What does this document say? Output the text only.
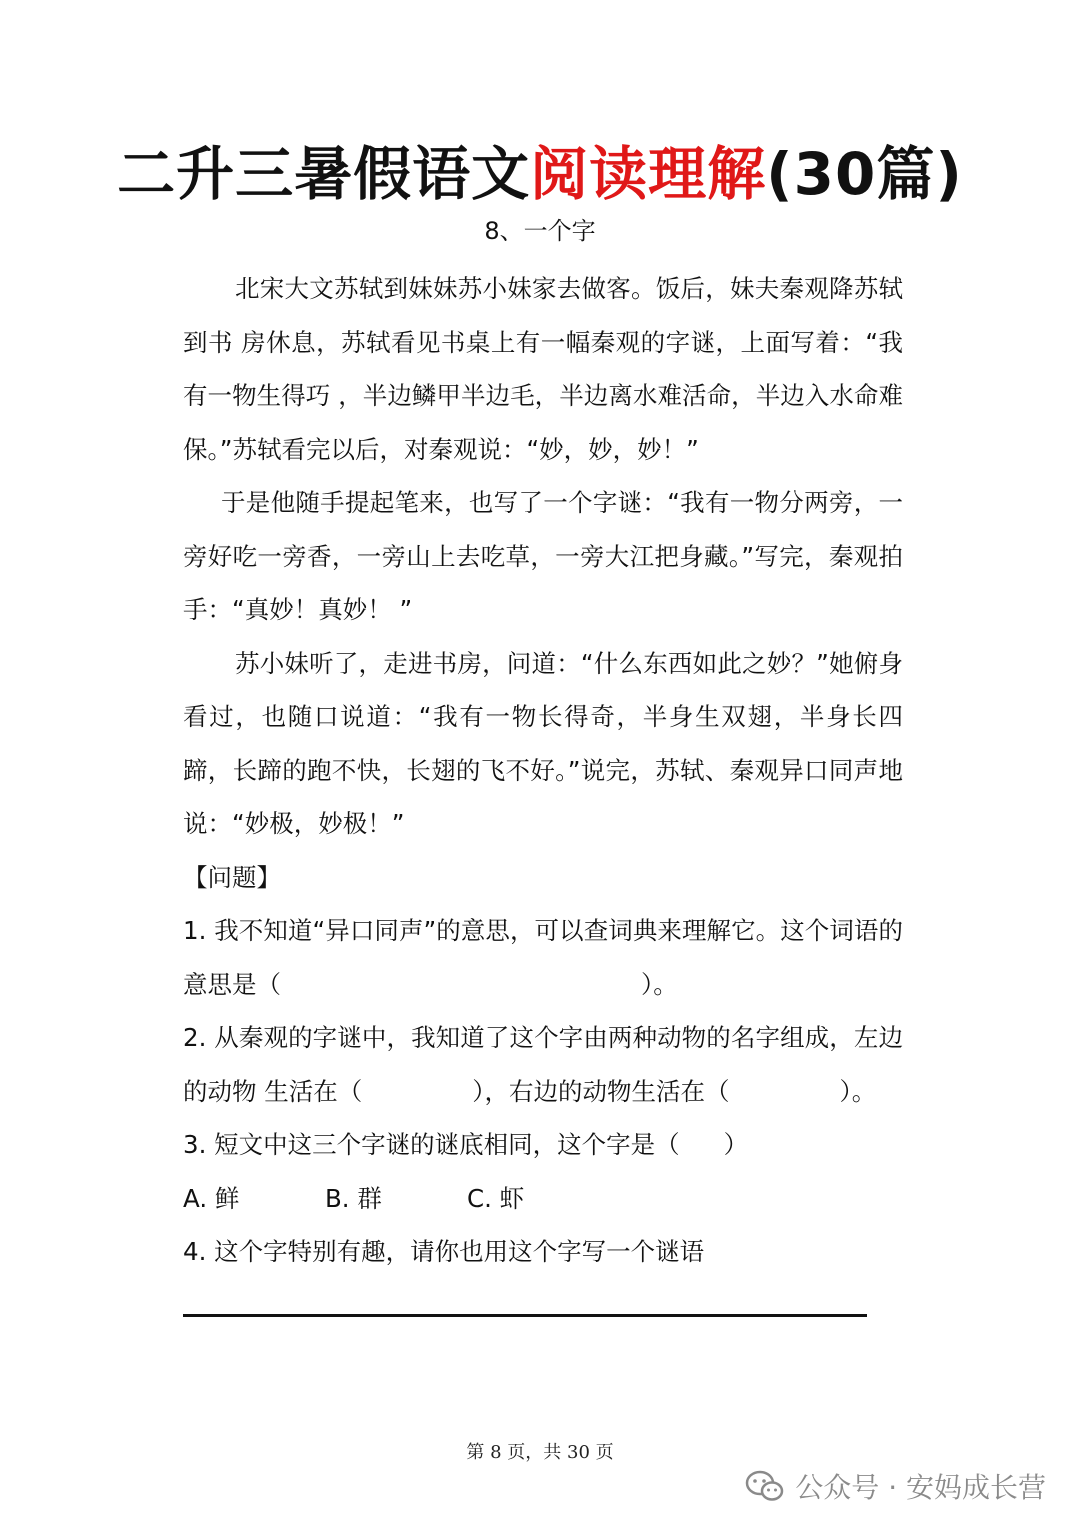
二升三暑假语文阅读理解(30篇)
8、一个字

北宋大文苏轼到妹妹苏小妹家去做客。饭后，妹夫秦观降苏轼到书 房休息，苏轼看见书桌上有一幅秦观的字谜，上面写着：“我有一物生得巧 ，半边鳞甲半边毛，半边离水难活命，半边入水命难保。”苏轼看完以后，对秦观说：“妙，妙，妙！”

于是他随手提起笔来，也写了一个字谜：“我有一物分两旁，一旁好吃一旁香，一旁山上去吃草，一旁大江把身藏。”写完，秦观拍手：“真妙！真妙！ ”

苏小妹听了，走进书房，问道：“什么东西如此之妙？”她俯身看过，也随口说道：“我有一物长得奇，半身生双翅，半身长四蹄，长蹄的跑不快，长翅的飞不好。”说完，苏轼、秦观异口同声地说：“妙极，妙极！”

【问题】

1. 我不知道“异口同声”的意思，可以查词典来理解它。这个词语的意思是（	）。

2. 从秦观的字谜中，我知道了这个字由两种动物的名字组成，左边的动物 生活在（	），右边的动物生活在（	）。

3. 短文中这三个字谜的谜底相同，这个字是（ ）

A. 鲜	B. 群	C. 虾

4. 这个字特别有趣，请你也用这个字写一个谜语

第 8 页，共 30 页
公众号 · 安妈成长营
